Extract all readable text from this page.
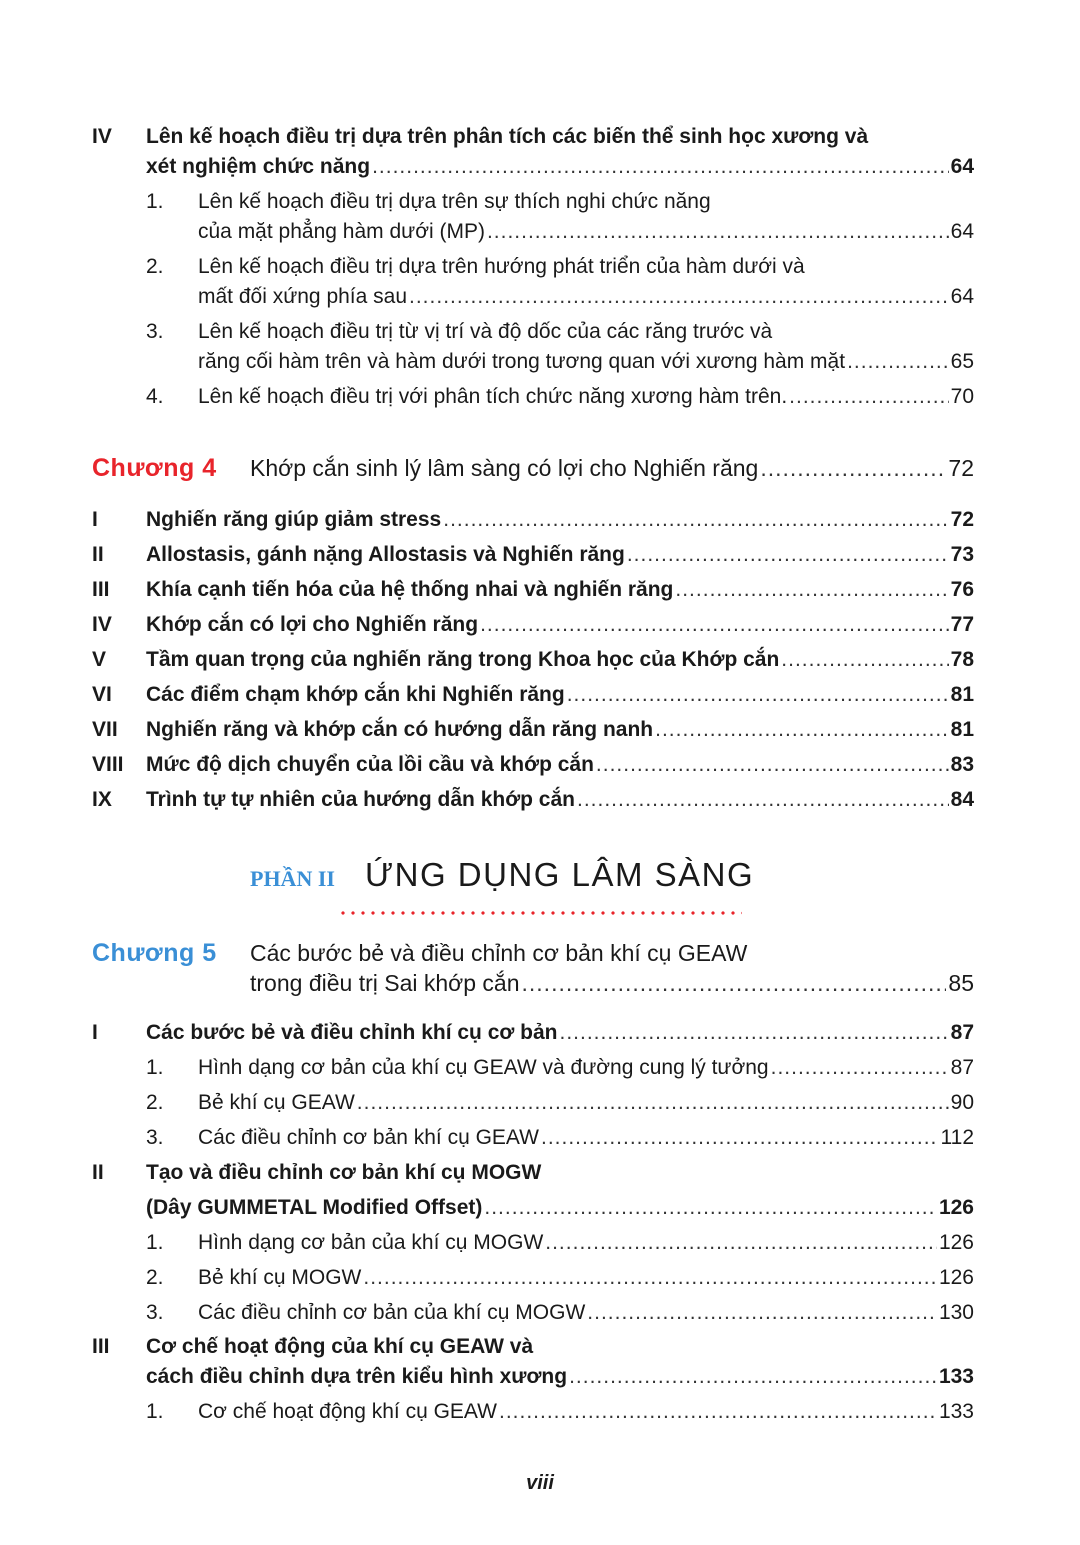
IV	Lên kế hoạch điều trị dựa trên phân tích các biến thể sinh học xương và
xét nghiệm chức năng .....	64
1.	Lên kế hoạch điều trị dựa trên sự thích nghi chức năng
của mặt phẳng hàm dưới (MP) .....	64
2.	Lên kế hoạch điều trị dựa trên hướng phát triển của hàm dưới và
mất đối xứng phía sau .....	64
3.	Lên kế hoạch điều trị từ vị trí và độ dốc của các răng trước và
răng cối hàm trên và hàm dưới trong tương quan với xương hàm mặt .....	65
4.	Lên kế hoạch điều trị với phân tích chức năng xương hàm trên. .....	70
Chương 4	Khớp cắn sinh lý lâm sàng có lợi cho Nghiến răng .....	72
I	Nghiến răng giúp giảm stress .....	72
II	Allostasis, gánh nặng Allostasis và Nghiến răng .....	73
III	Khía cạnh tiến hóa của hệ thống nhai và nghiến răng .....	76
IV	Khớp cắn có lợi cho Nghiến răng .....	77
V	Tầm quan trọng của nghiến răng trong Khoa học của Khớp cắn .....	78
VI	Các điểm chạm khớp cắn khi Nghiến răng .....	81
VII	Nghiến răng và khớp cắn có hướng dẫn răng nanh .....	81
VIII	Mức độ dịch chuyển của lồi cầu và khớp cắn .....	83
IX	Trình tự tự nhiên của hướng dẫn khớp cắn .....	84
PHẦN II ỨNG DỤNG LÂM SÀNG
Chương 5	Các bước bẻ và điều chỉnh cơ bản khí cụ GEAW
trong điều trị Sai khớp cắn .....	85
I	Các bước bẻ và điều chỉnh khí cụ cơ bản .....	87
1.	Hình dạng cơ bản của khí cụ GEAW và đường cung lý tưởng .....	87
2.	Bẻ khí cụ GEAW .....	90
3.	Các điều chỉnh cơ bản khí cụ GEAW .....	112
II	Tạo và điều chỉnh cơ bản khí cụ MOGW
(Dây GUMMETAL Modified Offset) .....	126
1.	Hình dạng cơ bản của khí cụ MOGW .....	126
2.	Bẻ khí cụ MOGW .....	126
3.	Các điều chỉnh cơ bản của khí cụ MOGW .....	130
III	Cơ chế hoạt động của khí cụ GEAW và
cách điều chỉnh dựa trên kiểu hình xương .....	133
1.	Cơ chế hoạt động khí cụ GEAW .....	133
viii
